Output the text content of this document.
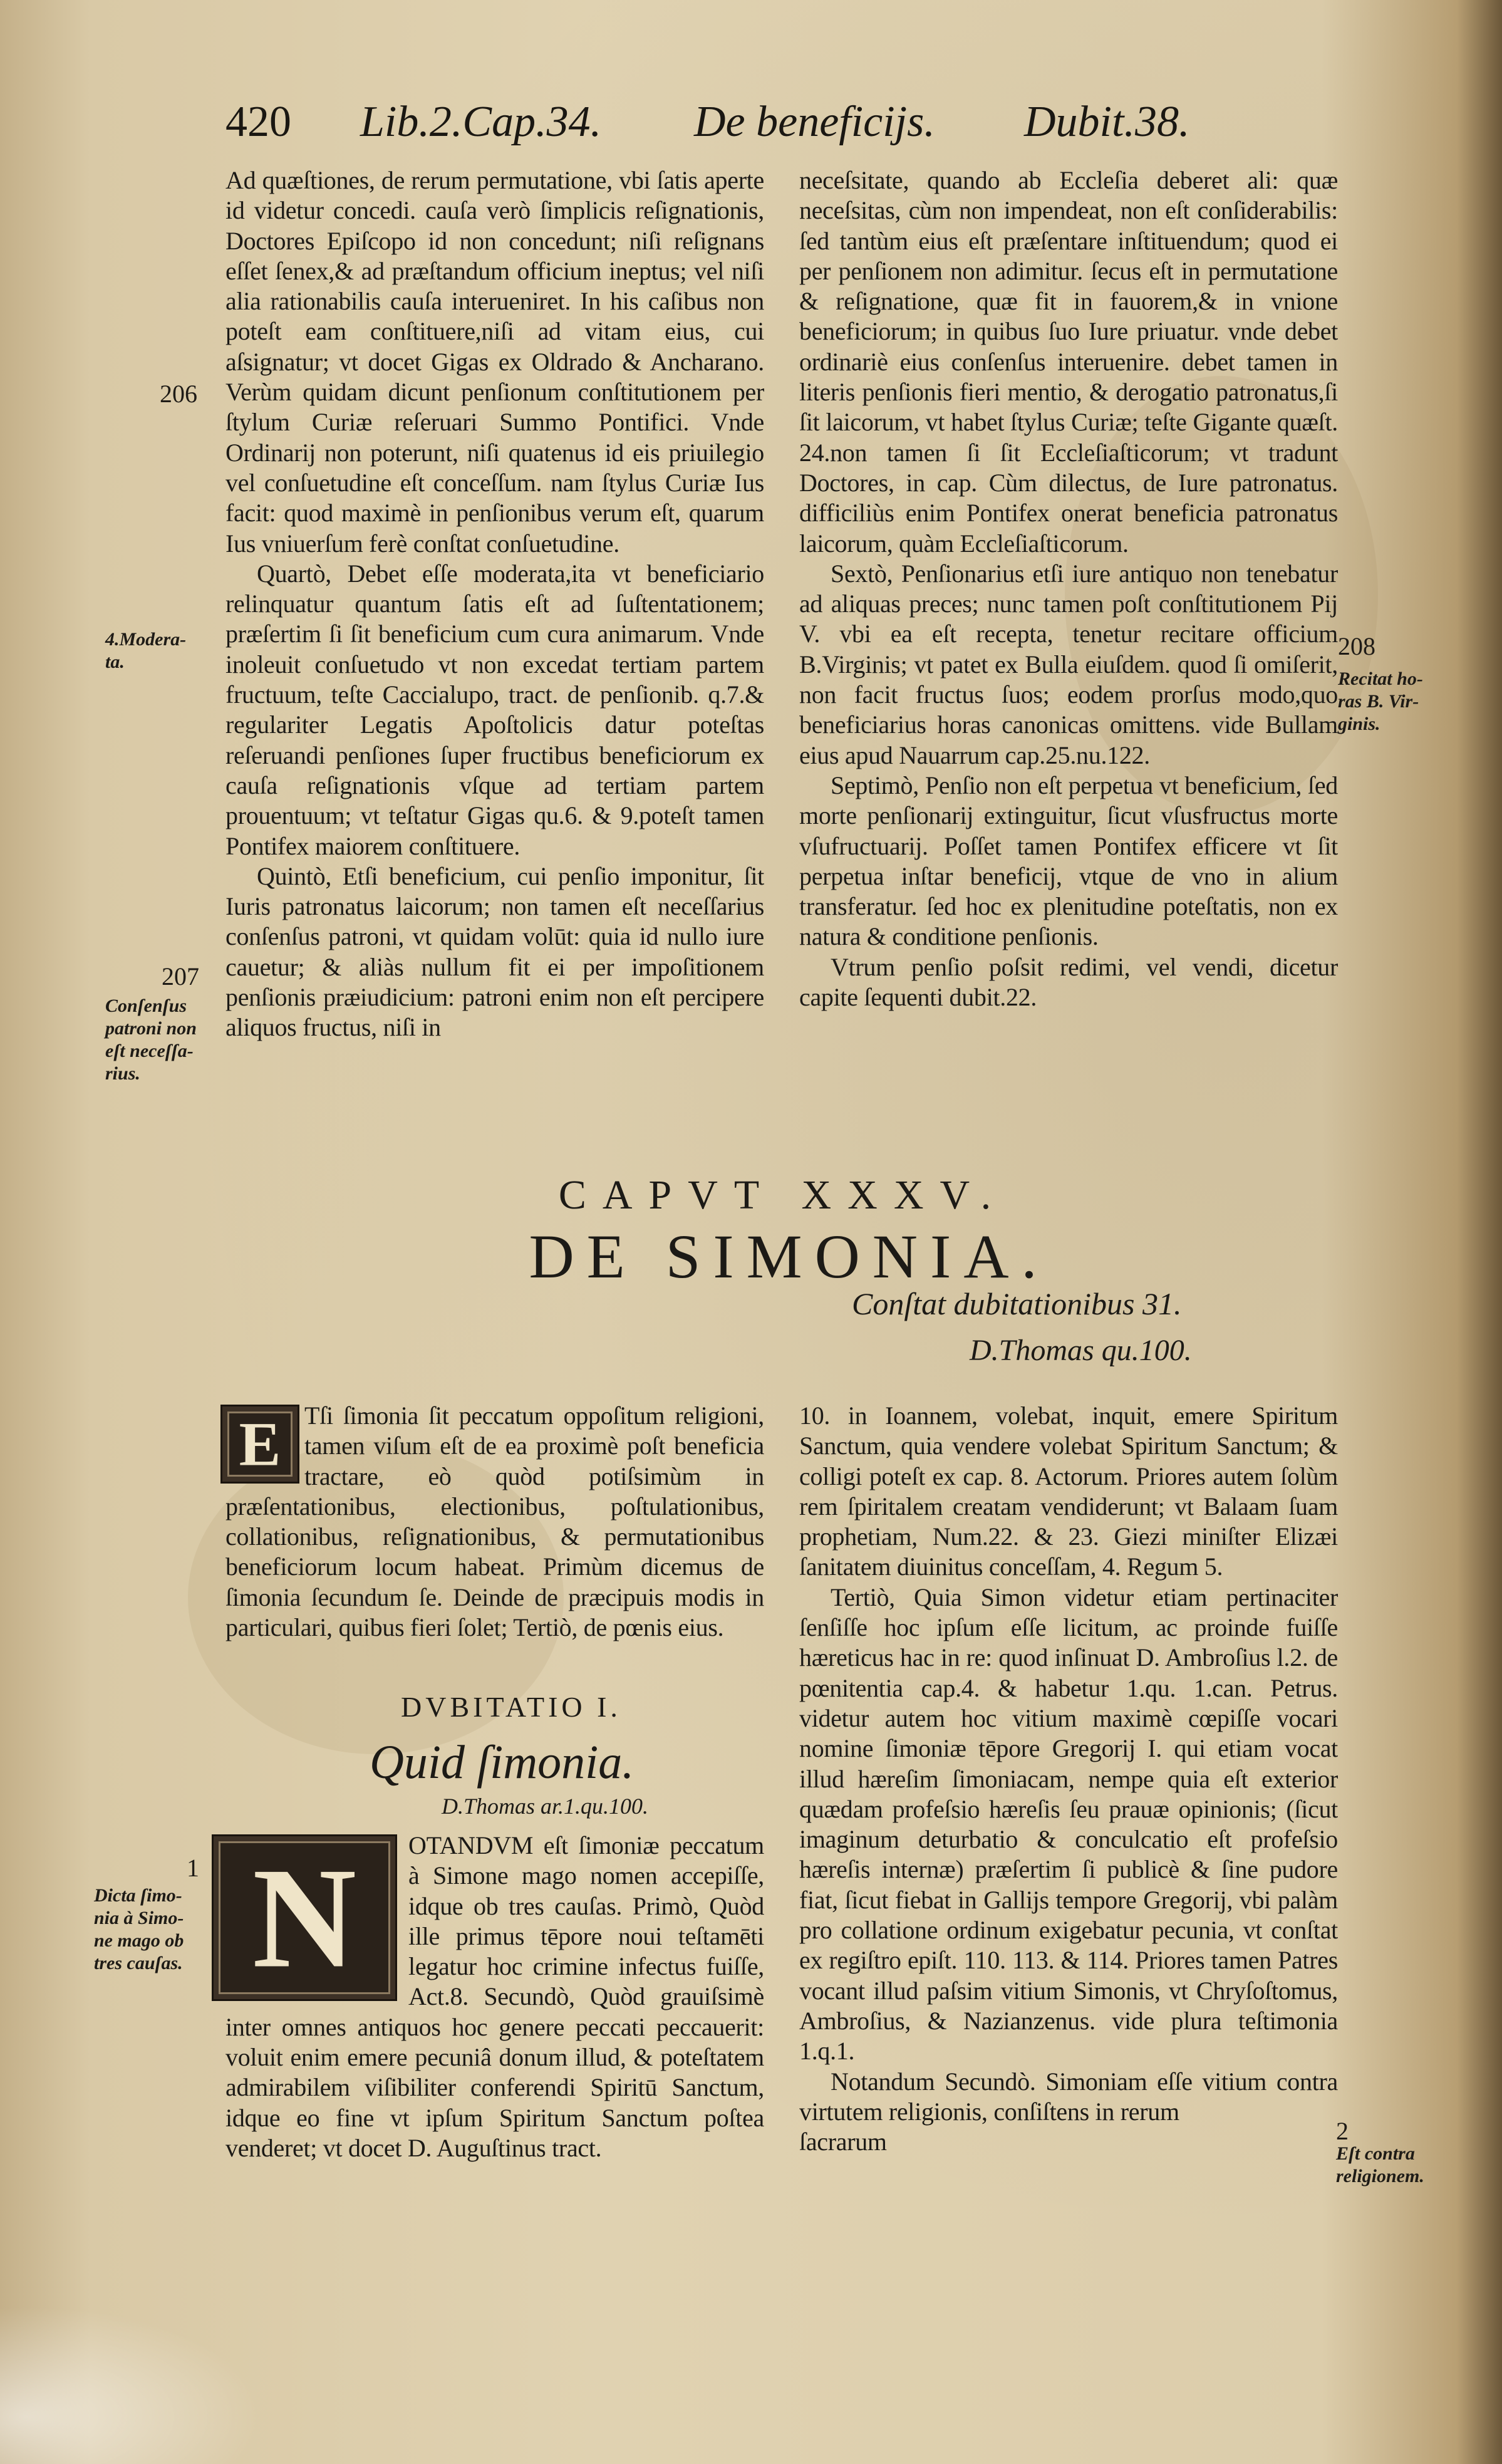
420 Lib.2.Cap.34. De beneficijs. Dubit.38.

Ad quæſtiones, de rerum permutatione, vbi ſatis aperte id videtur concedi. cauſa verò ſimplicis reſignationis, Doctores Epiſcopo id non concedunt; niſi reſignans eſſet ſenex,& ad præſtandum officium ineptus; vel niſi alia rationabilis cauſa interueniret. In his caſibus non poteſt eam conſtituere,niſi ad vitam eius, cui aſsignatur; vt docet Gigas ex Oldrado & Ancharano. Verùm quidam dicunt penſionum conſtitutionem per ſtylum Curiæ reſeruari Summo Pontifici. Vnde Ordinarij non poterunt, niſi quatenus id eis priuilegio vel conſuetudine eſt conceſſum. nam ſtylus Curiæ Ius facit: quod maximè in penſionibus verum eſt, quarum Ius vniuerſum ferè conſtat conſuetudine.

Quartò, Debet eſſe moderata,ita vt beneficiario relinquatur quantum ſatis eſt ad ſuſtentationem; præſertim ſi ſit beneficium cum cura animarum. Vnde inoleuit conſuetudo vt non excedat tertiam partem fructuum, teſte Caccialupo, tract. de penſionib. q.7.& regulariter Legatis Apoſtolicis datur poteſtas reſeruandi penſiones ſuper fructibus beneficiorum ex cauſa reſignationis vſque ad tertiam partem prouentuum; vt teſtatur Gigas qu.6. & 9.poteſt tamen Pontifex maiorem conſtituere.

Quintò, Etſi beneficium, cui penſio imponitur, ſit Iuris patronatus laicorum; non tamen eſt neceſſarius conſenſus patroni, vt quidam volūt: quia id nullo iure cauetur; & aliàs nullum fit ei per impoſitionem penſionis præiudicium: patroni enim non eſt percipere aliquos fructus, niſi in

neceſsitate, quando ab Eccleſia deberet ali: quæ neceſsitas, cùm non impendeat, non eſt conſiderabilis: ſed tantùm eius eſt præſentare inſtituendum; quod ei per penſionem non adimitur. ſecus eſt in permutatione & reſignatione, quæ fit in fauorem,& in vnione beneficiorum; in quibus ſuo Iure priuatur. vnde debet ordinariè eius conſenſus interuenire. debet tamen in literis penſionis fieri mentio, & derogatio patronatus,ſi ſit laicorum, vt habet ſtylus Curiæ; teſte Gigante quæſt. 24.non tamen ſi ſit Eccleſiaſticorum; vt tradunt Doctores, in cap. Cùm dilectus, de Iure patronatus. difficiliùs enim Pontifex onerat beneficia patronatus laicorum, quàm Eccleſiaſticorum.

Sextò, Penſionarius etſi iure antiquo non tenebatur ad aliquas preces; nunc tamen poſt conſtitutionem Pij V. vbi ea eſt recepta, tenetur recitare officium B.Virginis; vt patet ex Bulla eiuſdem. quod ſi omiſerit, non facit fructus ſuos; eodem prorſus modo,quo beneficiarius horas canonicas omittens. vide Bullam eius apud Nauarrum cap.25.nu.122.

Septimò, Penſio non eſt perpetua vt beneficium, ſed morte penſionarij extinguitur, ſicut vſusfructus morte vſufructuarij. Poſſet tamen Pontifex efficere vt ſit perpetua inſtar beneficij, vtque de vno in alium transferatur. ſed hoc ex plenitudine poteſtatis, non ex natura & conditione penſionis.

Vtrum penſio poſsit redimi, vel vendi, dicetur capite ſequenti dubit.22.

206
4.Modera-
ta.
207
Conſenſus
patroni non
eſt neceſſa-
rius.
208
Recitat ho-
ras B. Vir-
ginis.
1
Dicta ſimo-
nia à Simo-
ne mago ob
tres cauſas.
2
Eſt contra
religionem.
CAPVT XXXV.
DE SIMONIA.
Conſtat dubitationibus 31.
D.Thomas qu.100.
E Tſi ſimonia ſit peccatum oppoſitum religioni, tamen viſum eſt de ea proximè poſt beneficia tractare, eò quòd potiſsimùm in præſentationibus, electionibus, poſtulationibus, collationibus, reſignationibus, & permutationibus beneficiorum locum habeat. Primùm dicemus de ſimonia ſecundum ſe. Deinde de præcipuis modis in particulari, quibus fieri ſolet; Tertiò, de pœnis eius.

DVBITATIO I.
Quid ſimonia.
D.Thomas ar.1.qu.100.
N	OTANDVM eſt ſimoniæ peccatum à Simone mago nomen accepiſſe, idque ob tres cauſas. Primò, Quòd ille primus tēpore noui teſtamēti legatur hoc crimine infectus fuiſſe, Act.8. Secundò, Quòd grauiſsimè inter omnes antiquos hoc genere peccati peccauerit: voluit enim emere pecuniâ donum illud, & poteſtatem admirabilem viſibiliter conferendi Spiritū Sanctum, idque eo fine vt ipſum Spiritum Sanctum poſtea venderet; vt docet D. Auguſtinus tract.

10. in Ioannem, volebat, inquit, emere Spiritum Sanctum, quia vendere volebat Spiritum Sanctum; & colligi poteſt ex cap. 8. Actorum. Priores autem ſolùm rem ſpiritalem creatam vendiderunt; vt Balaam ſuam prophetiam, Num.22. & 23. Giezi miniſter Elizæi ſanitatem diuinitus conceſſam, 4. Regum 5.

Tertiò, Quia Simon videtur etiam pertinaciter ſenſiſſe hoc ipſum eſſe licitum, ac proinde fuiſſe hæreticus hac in re: quod inſinuat D. Ambroſius l.2. de pœnitentia cap.4. & habetur 1.qu. 1.can. Petrus. videtur autem hoc vitium maximè cœpiſſe vocari nomine ſimoniæ tēpore Gregorij I. qui etiam vocat illud hæreſim ſimoniacam, nempe quia eſt exterior quædam profeſsio hæreſis ſeu prauæ opinionis; (ſicut imaginum deturbatio & conculcatio eſt profeſsio hæreſis internæ) præſertim ſi publicè & ſine pudore fiat, ſicut fiebat in Gallijs tempore Gregorij, vbi palàm pro collatione ordinum exigebatur pecunia, vt conſtat ex regiſtro epiſt. 110. 113. & 114. Priores tamen Patres vocant illud paſsim vitium Simonis, vt Chryſoſtomus, Ambroſius, & Nazianzenus. vide plura teſtimonia 1.q.1.

Notandum Secundò. Simoniam eſſe vitium contra virtutem religionis, conſiſtens in rerum

ſacrarum
